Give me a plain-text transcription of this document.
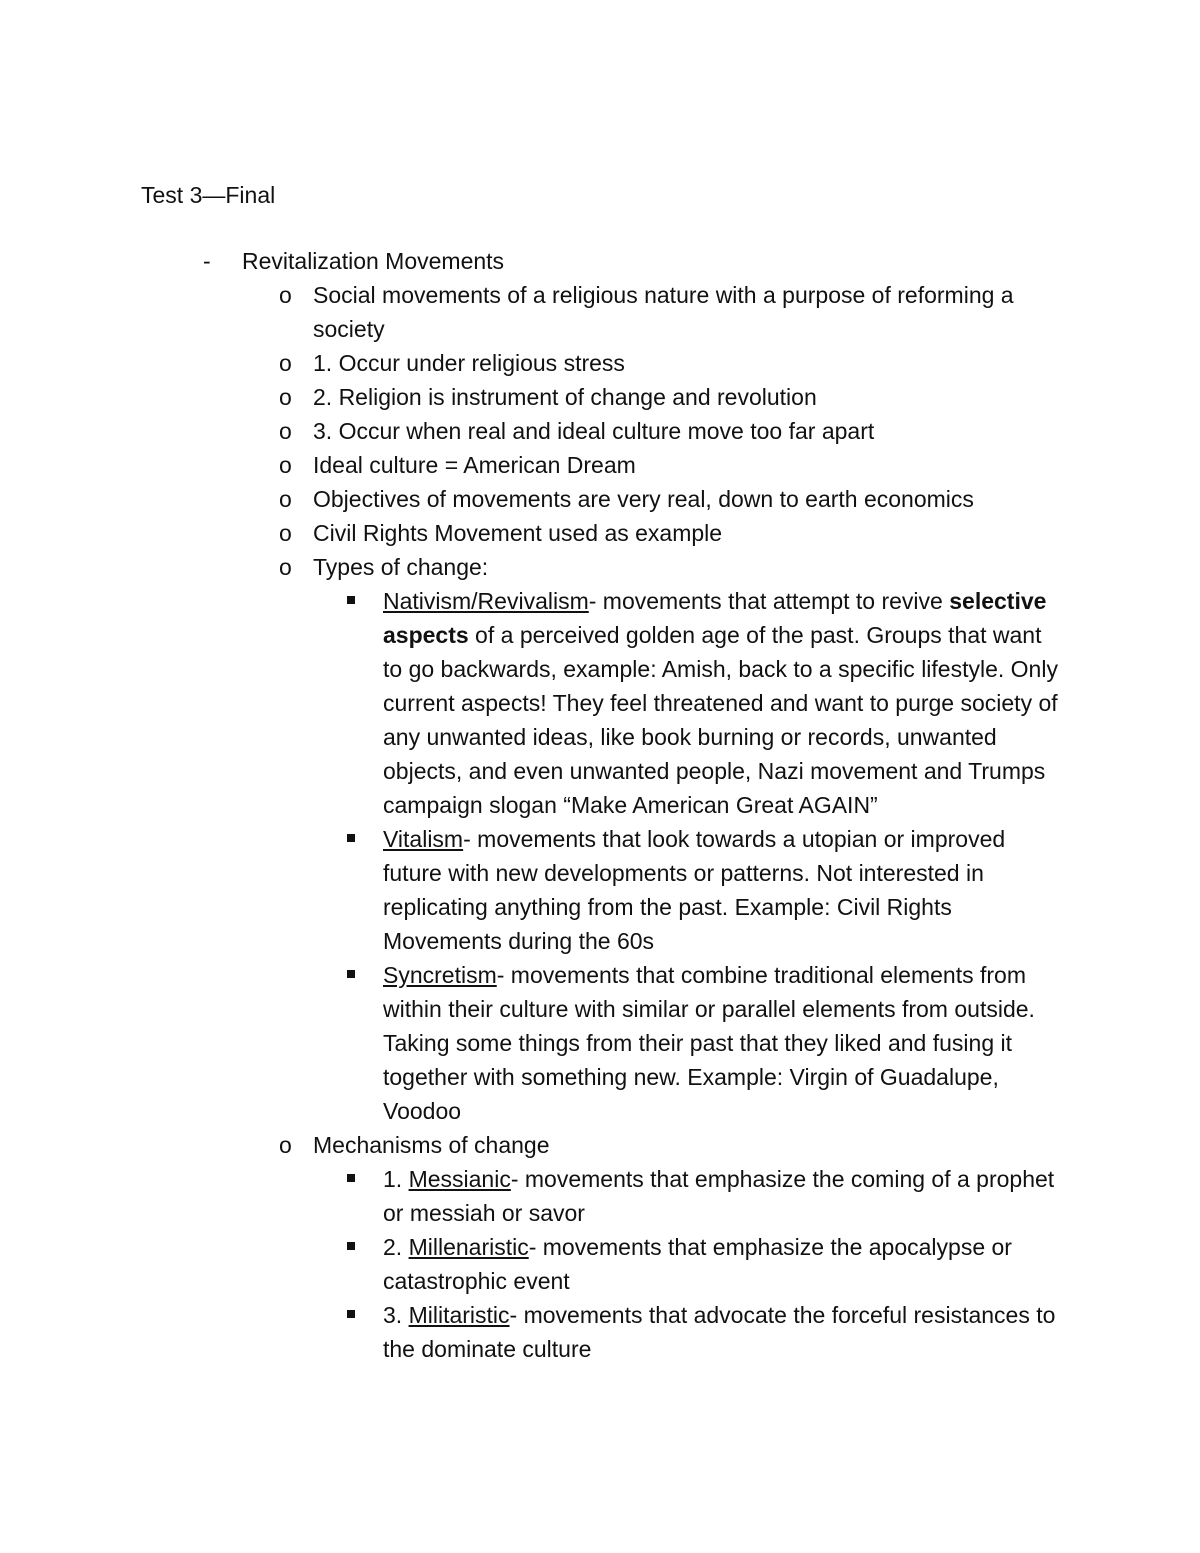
Test 3—Final
- Revitalization Movements
o Social movements of a religious nature with a purpose of reforming a society
o 1. Occur under religious stress
o 2. Religion is instrument of change and revolution
o 3. Occur when real and ideal culture move too far apart
o Ideal culture = American Dream
o Objectives of movements are very real, down to earth economics
o Civil Rights Movement used as example
o Types of change:
Nativism/Revivalism- movements that attempt to revive selective aspects of a perceived golden age of the past. Groups that want to go backwards, example: Amish, back to a specific lifestyle. Only current aspects! They feel threatened and want to purge society of any unwanted ideas, like book burning or records, unwanted objects, and even unwanted people, Nazi movement and Trumps campaign slogan “Make American Great AGAIN”
Vitalism- movements that look towards a utopian or improved future with new developments or patterns. Not interested in replicating anything from the past. Example: Civil Rights Movements during the 60s
Syncretism- movements that combine traditional elements from within their culture with similar or parallel elements from outside. Taking some things from their past that they liked and fusing it together with something new. Example: Virgin of Guadalupe, Voodoo
o Mechanisms of change
1. Messianic- movements that emphasize the coming of a prophet or messiah or savor
2. Millenaristic- movements that emphasize the apocalypse or catastrophic event
3. Militaristic- movements that advocate the forceful resistances to the dominate culture
